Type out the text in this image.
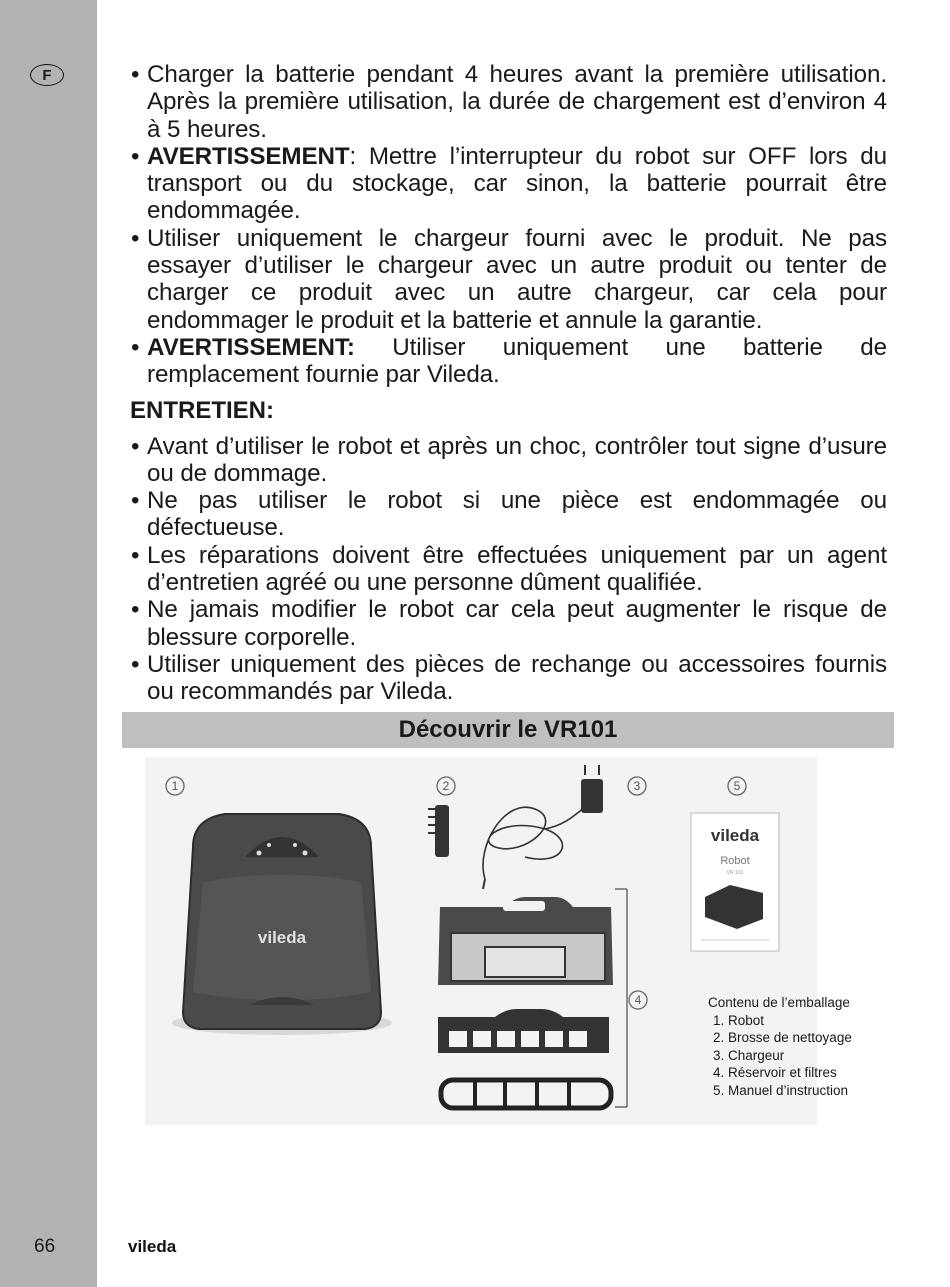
F
66
• Charger la batterie pendant 4 heures avant la première utilisation. Après la première utilisation, la durée de chargement est d’environ 4 à 5 heures.
• AVERTISSEMENT: Mettre l’interrupteur du robot sur OFF lors du transport ou du stockage, car sinon, la batterie pourrait être endommagée.
• Utiliser uniquement le chargeur fourni avec le produit. Ne pas essayer d’utiliser le chargeur avec un autre produit ou tenter de charger ce produit avec un autre chargeur, car cela pour endommager le produit et la batterie et annule la garantie.
• AVERTISSEMENT: Utiliser uniquement une batterie de remplacement fournie par Vileda.
ENTRETIEN:
• Avant d’utiliser le robot et après un choc, contrôler tout signe d’usure ou de dommage.
• Ne pas utiliser le robot si une pièce est endommagée ou défectueuse.
• Les réparations doivent être effectuées uniquement par un agent d’entretien agréé ou une personne dûment qualifiée.
• Ne jamais modifier le robot car cela peut augmenter le risque de blessure corporelle.
• Utiliser uniquement des pièces de rechange ou accessoires fournis ou recommandés par Vileda.
Découvrir le VR101
1	2	3
4
5
vileda
vileda
Robot
VR 101
Contenu de l’emballage
1. Robot
2. Brosse de nettoyage
3. Chargeur
4. Réservoir et filtres
5. Manuel d’instruction
vileda
